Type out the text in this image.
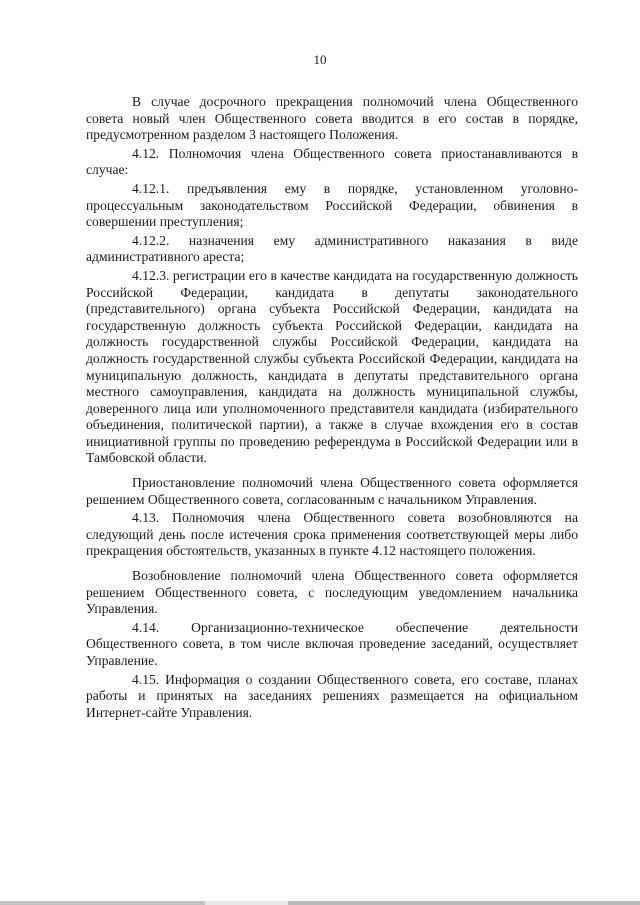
10

В случае досрочного прекращения полномочий члена Общественного совета новый член Общественного совета вводится в его состав в порядке, предусмотренном разделом 3 настоящего Положения.

4.12. Полномочия члена Общественного совета приостанавливаются в случае:

4.12.1. предъявления ему в порядке, установленном уголовно-процессуальным законодательством Российской Федерации, обвинения в совершении преступления;

4.12.2. назначения ему административного наказания в виде административного ареста;

4.12.3. регистрации его в качестве кандидата на государственную должность Российской Федерации, кандидата в депутаты законодательного (представительного) органа субъекта Российской Федерации, кандидата на государственную должность субъекта Российской Федерации, кандидата на должность государственной службы Российской Федерации, кандидата на должность государственной службы субъекта Российской Федерации, кандидата на муниципальную должность, кандидата в депутаты представительного органа местного самоуправления, кандидата на должность муниципальной службы, доверенного лица или уполномоченного представителя кандидата (избирательного объединения, политической партии), а также в случае вхождения его в состав инициативной группы по проведению референдума в Российской Федерации или в Тамбовской области.

Приостановление полномочий члена Общественного совета оформляется решением Общественного совета, согласованным с начальником Управления.

4.13. Полномочия члена Общественного совета возобновляются на следующий день после истечения срока применения соответствующей меры либо прекращения обстоятельств, указанных в пункте 4.12 настоящего положения.

Возобновление полномочий члена Общественного совета оформляется решением Общественного совета, с последующим уведомлением начальника Управления.

4.14. Организационно-техническое обеспечение деятельности Общественного совета, в том числе включая проведение заседаний, осуществляет Управление.

4.15. Информация о создании Общественного совета, его составе, планах работы и принятых на заседаниях решениях размещается на официальном Интернет-сайте Управления.
